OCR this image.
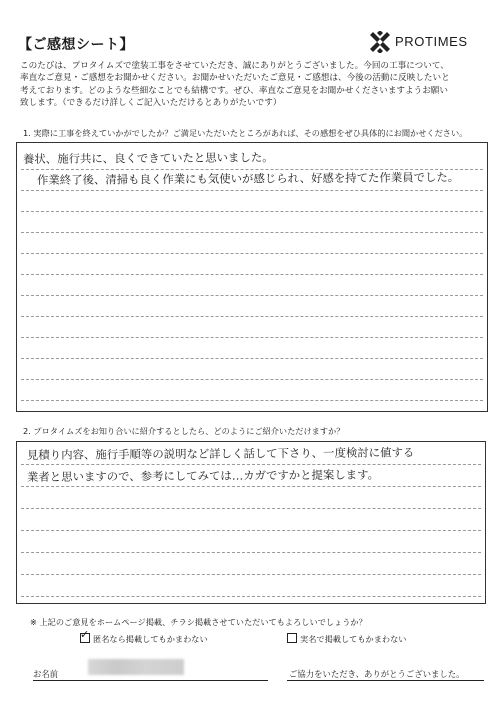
【ご感想シート】	PROTIMES
このたびは、プロタイムズで塗装工事をさせていただき、誠にありがとうございました。今回の工事について、
率直なご意見・ご感想をお聞かせください。お聞かせいただいたご意見・ご感想は、今後の活動に反映したいと
考えております。どのような些細なことでも結構です。ぜひ、率直なご意見をお聞かせくださいますようお願い
致します。（できるだけ詳しくご記入いただけるとありがたいです）
1. 実際に工事を終えていかがでしたか？ご満足いただいたところがあれば、その感想をぜひ具体的にお聞かせください。
養状、施行共に、良くできていたと思いました。
作業終了後、清掃も良く作業にも気使いが感じられ、好感を持てた作業員でした。
2. プロタイムズをお知り合いに紹介するとしたら、どのようにご紹介いただけますか？
見積り内容、施行手順等の説明など詳しく話して下さり、一度検討に値する
業者と思いますので、参考にしてみては…カガですかと提案します。
※ 上記のご意見をホームページ掲載、チラシ掲載させていただいてもよろしいでしょうか？
✓ 匿名なら掲載してもかまわない	実名で掲載してもかまわない
お名前	ご協力をいただき、ありがとうございました。
